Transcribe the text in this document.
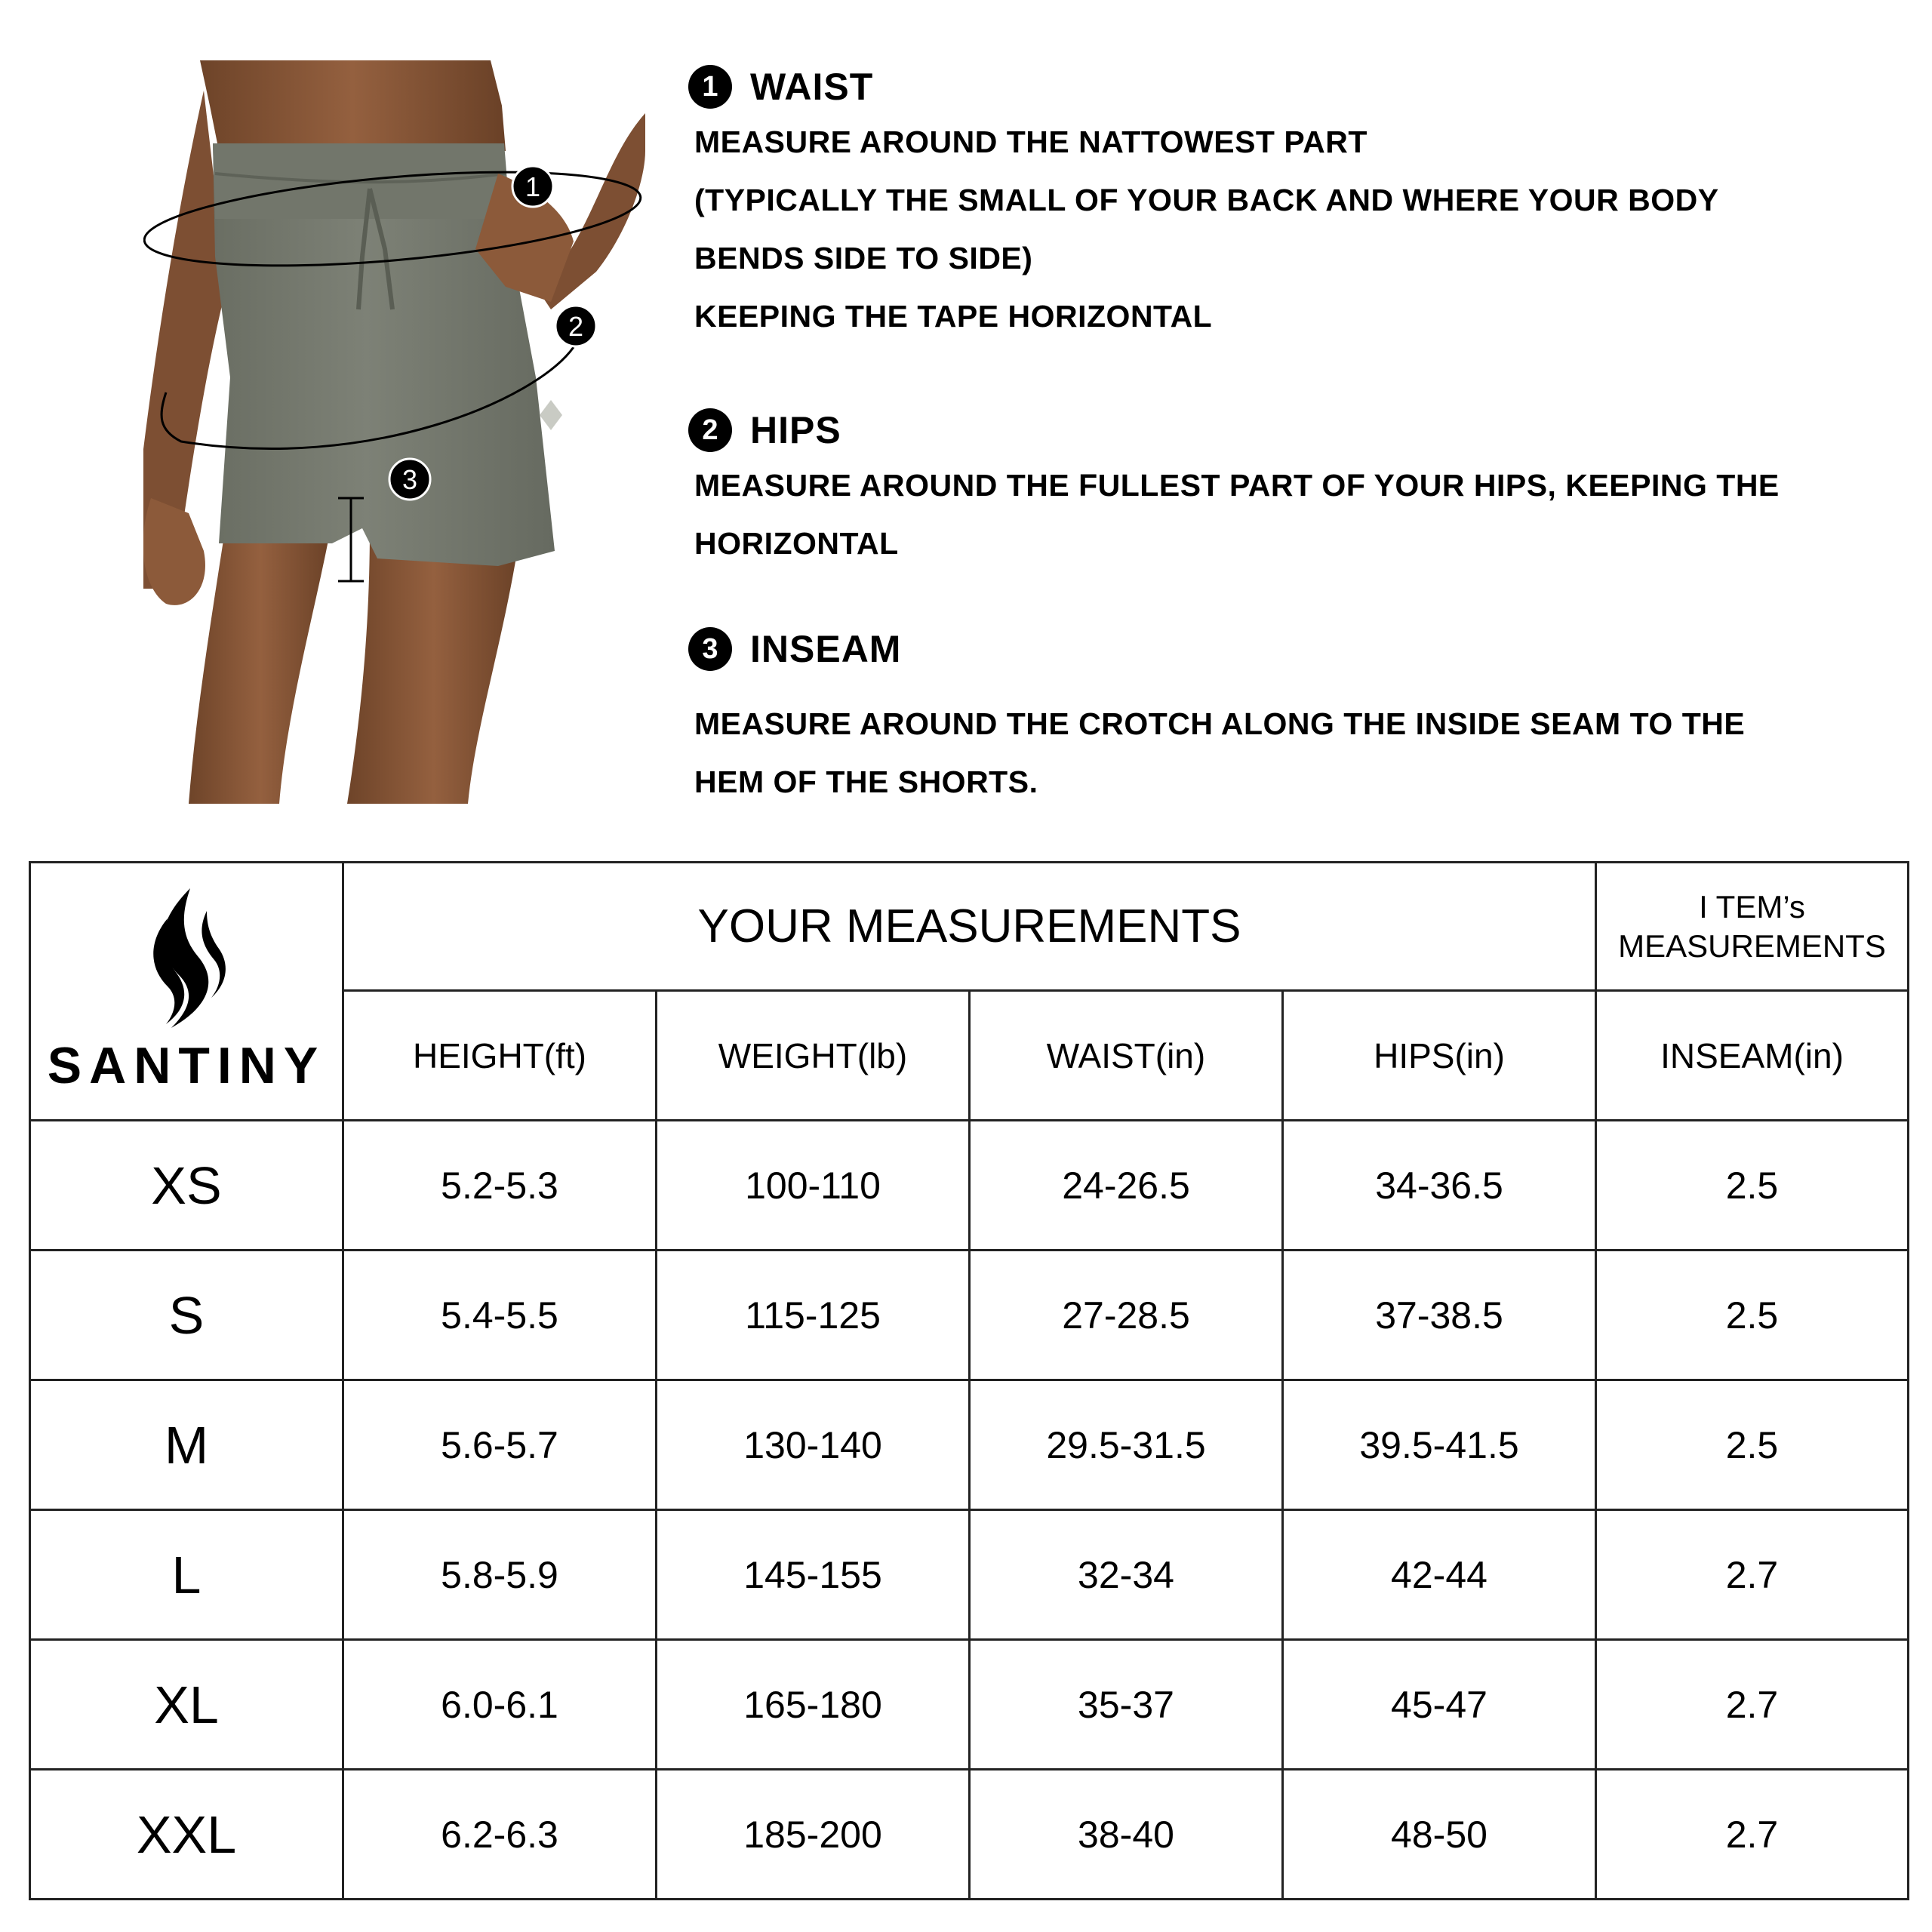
1
2
3
1 WAIST
MEASURE AROUND THE NATTOWEST PART
(TYPICALLY THE SMALL OF YOUR BACK AND WHERE YOUR BODY
BENDS SIDE TO SIDE)
KEEPING THE TAPE HORIZONTAL
2 HIPS
MEASURE AROUND THE FULLEST PART OF YOUR HIPS, KEEPING THE
HORIZONTAL
3 INSEAM
MEASURE AROUND THE CROTCH ALONG THE INSIDE SEAM TO THE
HEM OF THE SHORTS.
SANTINY	YOUR MEASUREMENTS				I TEM’s
MEASUREMENTS

	HEIGHT(ft)	WEIGHT(lb)	WAIST(in)	HIPS(in)	INSEAM(in)
XS	5.2-5.3	100-110	24-26.5	34-36.5	2.5
S	5.4-5.5	115-125	27-28.5	37-38.5	2.5
M	5.6-5.7	130-140	29.5-31.5	39.5-41.5	2.5
L	5.8-5.9	145-155	32-34	42-44	2.7
XL	6.0-6.1	165-180	35-37	45-47	2.7
XXL	6.2-6.3	185-200	38-40	48-50	2.7
